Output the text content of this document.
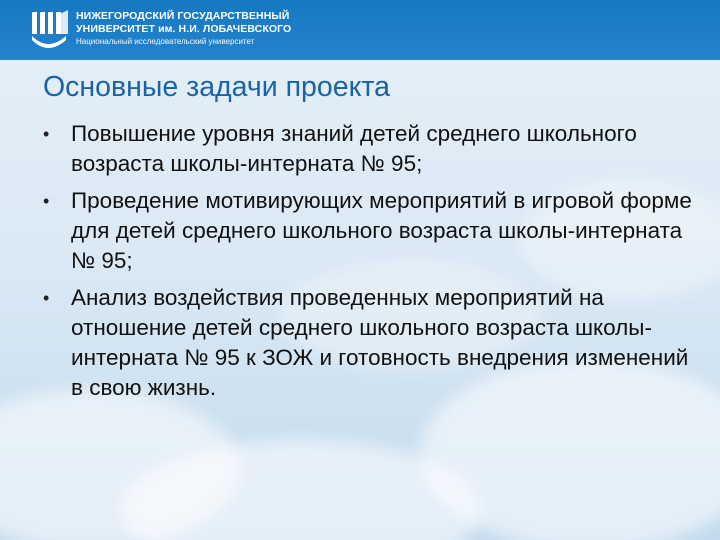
НИЖЕГОРОДСКИЙ ГОСУДАРСТВЕННЫЙ
УНИВЕРСИТЕТ им. Н.И. ЛОБАЧЕВСКОГО
Национальный исследовательский университет
Основные задачи проекта
• Повышение уровня знаний детей среднего школьного возраста школы-интерната № 95;
• Проведение мотивирующих мероприятий в игровой форме для детей среднего школьного возраста школы-интерната № 95;
• Анализ воздействия проведенных мероприятий на отношение детей среднего школьного возраста школы-интерната № 95 к ЗОЖ и готовность внедрения изменений в свою жизнь.
